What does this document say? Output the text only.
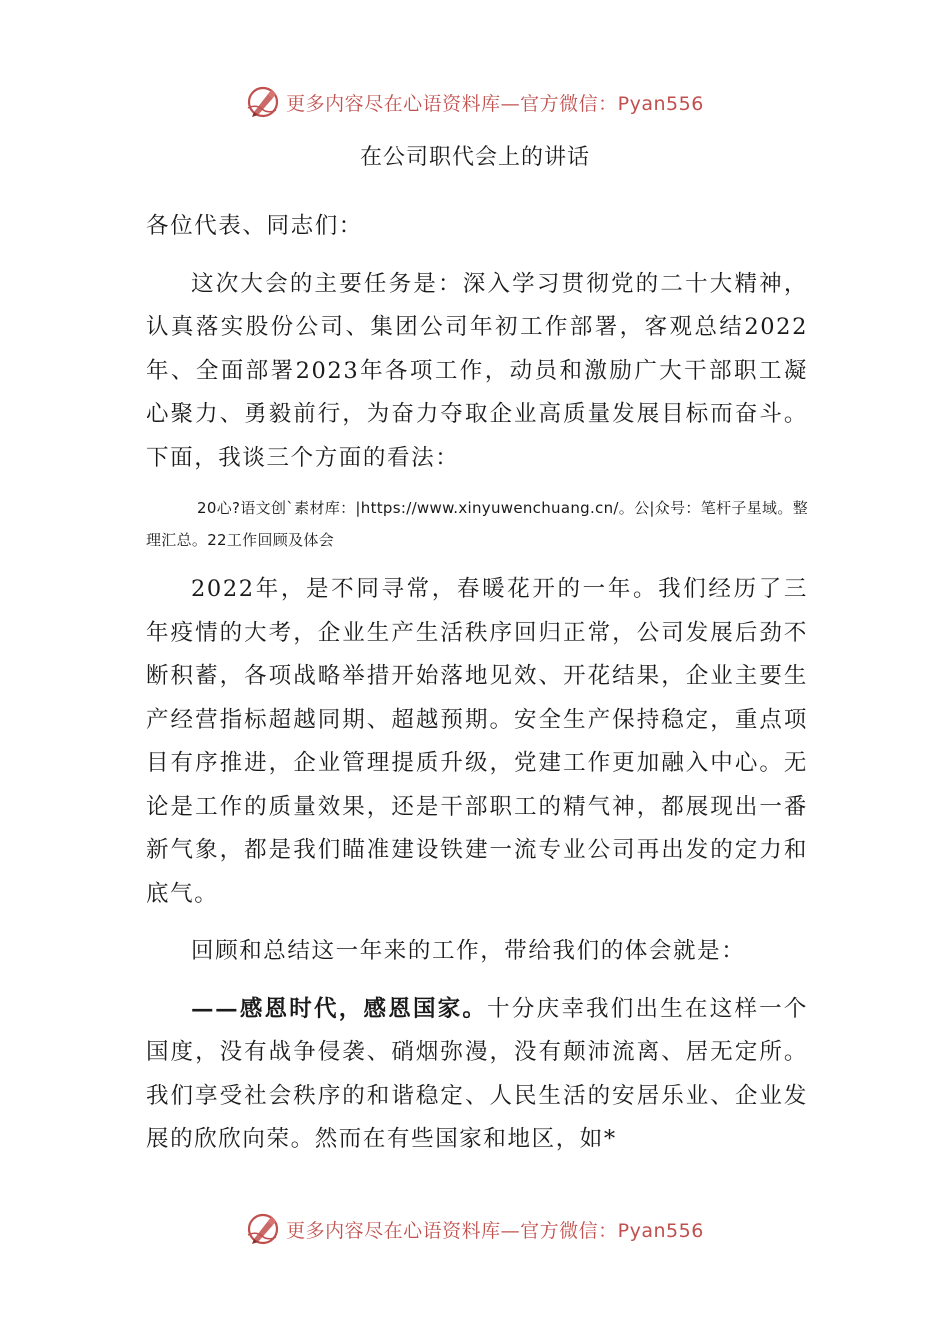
更多内容尽在心语资料库—官方微信：Pyan556
在公司职代会上的讲话

各位代表、同志们：

这次大会的主要任务是：深入学习贯彻党的二十大精神，认真落实股份公司、集团公司年初工作部署，客观总结2022年、全面部署2023年各项工作，动员和激励广大干部职工凝心聚力、勇毅前行，为奋力夺取企业高质量发展目标而奋斗。下面，我谈三个方面的看法：

20心?语文创`素材库：|https://www.xinyuwenchuang.cn/。公|众号：笔杆子星域。整理汇总。22工作回顾及体会

2022年，是不同寻常，春暖花开的一年。我们经历了三年疫情的大考，企业生产生活秩序回归正常，公司发展后劲不断积蓄，各项战略举措开始落地见效、开花结果，企业主要生产经营指标超越同期、超越预期。安全生产保持稳定，重点项目有序推进，企业管理提质升级，党建工作更加融入中心。无论是工作的质量效果，还是干部职工的精气神，都展现出一番新气象，都是我们瞄准建设铁建一流专业公司再出发的定力和底气。

回顾和总结这一年来的工作，带给我们的体会就是：

——感恩时代，感恩国家。十分庆幸我们出生在这样一个国度，没有战争侵袭、硝烟弥漫，没有颠沛流离、居无定所。我们享受社会秩序的和谐稳定、人民生活的安居乐业、企业发展的欣欣向荣。然而在有些国家和地区，如*

更多内容尽在心语资料库—官方微信：Pyan556
